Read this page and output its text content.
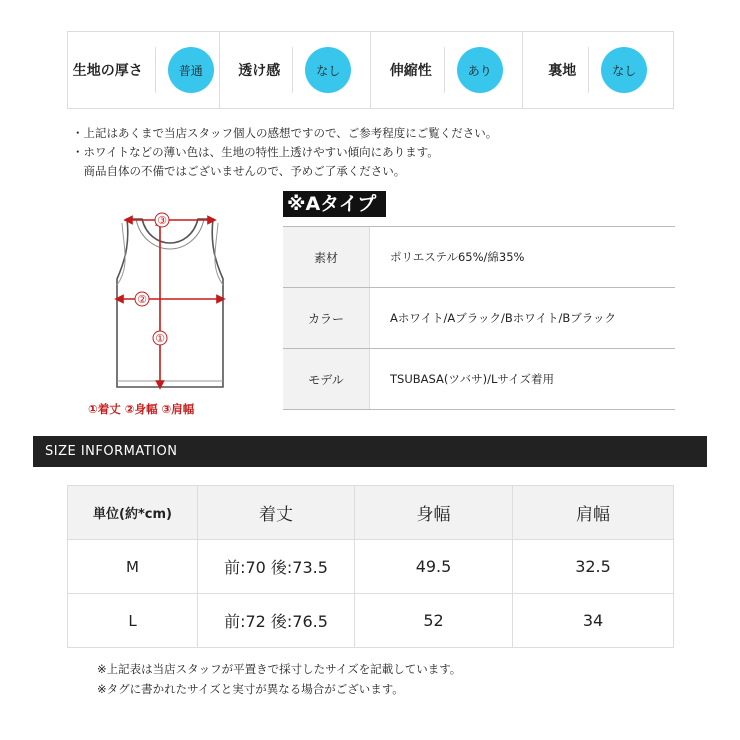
生地の厚さ	普通	透け感	なし	伸縮性	あり	裏地	なし
・上記はあくまで当店スタッフ個人の感想ですので、ご参考程度にご覧ください。
・ホワイトなどの薄い色は、生地の特性上透けやすい傾向にあります。
　商品自体の不備ではございませんので、予めご了承ください。
③
②
①
①着丈 ②身幅 ③肩幅
※Aタイプ
素材	ポリエステル65%/綿35%
カラー	Aホワイト/Aブラック/Bホワイト/Bブラック
モデル	TSUBASA(ツバサ)/Lサイズ着用
SIZE INFORMATION
単位(約*cm)	着丈	身幅	肩幅
M	前:70 後:73.5	49.5	32.5
L	前:72 後:76.5	52	34
※上記表は当店スタッフが平置きで採寸したサイズを記載しています。
※タグに書かれたサイズと実寸が異なる場合がございます。
